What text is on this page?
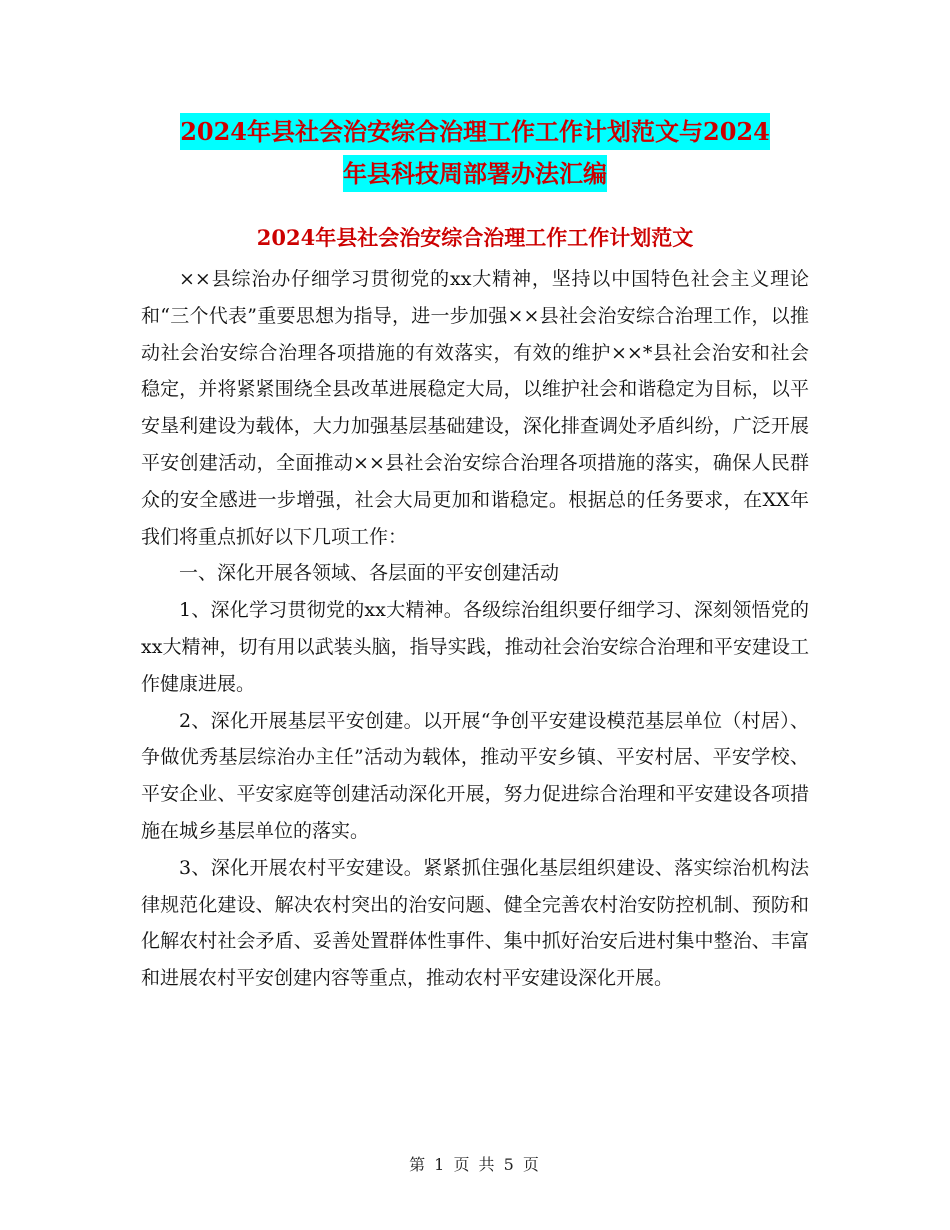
2024年县社会治安综合治理工作工作计划范文与2024
年县科技周部署办法汇编
2024年县社会治安综合治理工作工作计划范文

××县综治办仔细学习贯彻党的xx大精神，坚持以中国特色社会主义理论和“三个代表”重要思想为指导，进一步加强××县社会治安综合治理工作，以推动社会治安综合治理各项措施的有效落实，有效的维护××*县社会治安和社会稳定，并将紧紧围绕全县改革进展稳定大局，以维护社会和谐稳定为目标，以平安垦利建设为载体，大力加强基层基础建设，深化排查调处矛盾纠纷，广泛开展平安创建活动，全面推动××县社会治安综合治理各项措施的落实，确保人民群众的安全感进一步增强，社会大局更加和谐稳定。根据总的任务要求，在XX年我们将重点抓好以下几项工作：

一、深化开展各领域、各层面的平安创建活动

1、深化学习贯彻党的xx大精神。各级综治组织要仔细学习、深刻领悟党的xx大精神，切有用以武装头脑，指导实践，推动社会治安综合治理和平安建设工作健康进展。

2、深化开展基层平安创建。以开展“争创平安建设模范基层单位（村居）、争做优秀基层综治办主任”活动为载体，推动平安乡镇、平安村居、平安学校、平安企业、平安家庭等创建活动深化开展，努力促进综合治理和平安建设各项措施在城乡基层单位的落实。

3、深化开展农村平安建设。紧紧抓住强化基层组织建设、落实综治机构法律规范化建设、解决农村突出的治安问题、健全完善农村治安防控机制、预防和化解农村社会矛盾、妥善处置群体性事件、集中抓好治安后进村集中整治、丰富和进展农村平安创建内容等重点，推动农村平安建设深化开展。

第 1 页 共 5 页
